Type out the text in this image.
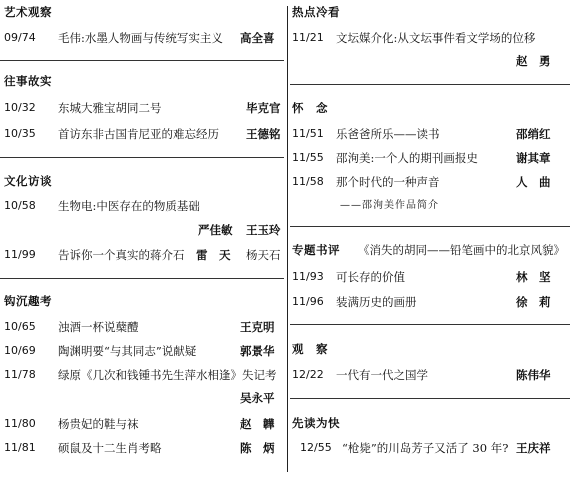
艺术观察
09/74 毛伟:水墨人物画与传统写实主义 高全喜
往事故实
10/32 东城大雅宝胡同二号	毕克官
10/35 首访东非古国肯尼亚的难忘经历 王德铭
文化访谈
10/58 生物电:中医存在的物质基础
严佳敏 王玉玲
11/99 告诉你一个真实的蒋介石 雷　天 杨天石
钩沉趣考
10/65 浊酒一杯说蘖醴	王克明
10/69 陶渊明要“与其同志”说献疑	郭景华
11/78 绿原《几次和钱锺书先生萍水相逢》失记考
吴永平
11/80 杨贵妃的鞋与袜	赵　韡
11/81 硕鼠及十二生肖考略	陈　炳
热点冷看
11/21 文坛媒介化:从文坛事件看文学场的位移
赵　勇
怀　念
11/51 乐爸爸所乐——读书	邵绡红
11/55 邵洵美:一个人的期刊画报史	谢其章
11/58 那个时代的一种声音	人　曲
——邵洵美作品简介
专题书评 《消失的胡同——铅笔画中的北京风貌》
11/93 可长存的价值	林　坚
11/96 装满历史的画册	徐　莉
观　察
12/22 一代有一代之国学	陈伟华
先读为快
12/55 “枪毙”的川岛芳子又活了 30 年? 王庆祥
